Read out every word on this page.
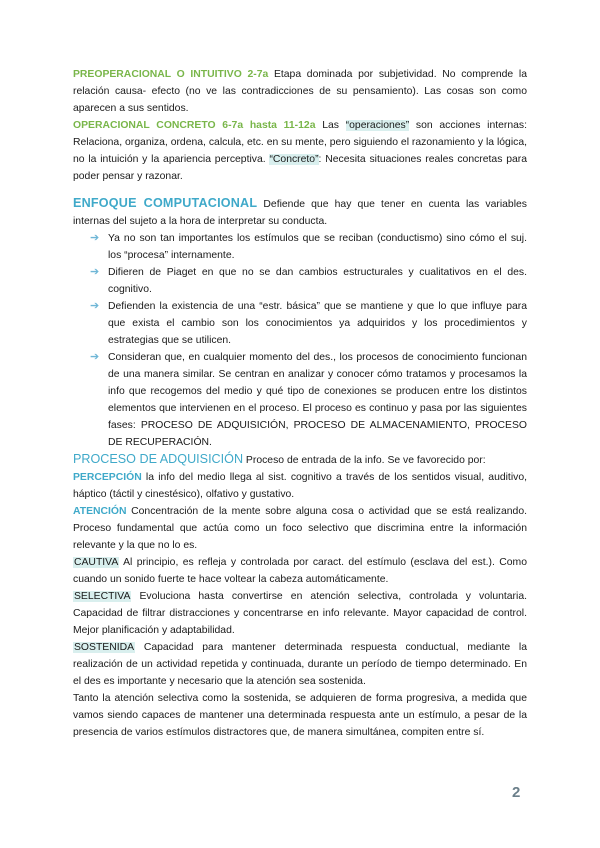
PREOPERACIONAL O INTUITIVO 2-7a Etapa dominada por subjetividad. No comprende la relación causa- efecto (no ve las contradicciones de su pensamiento). Las cosas son como aparecen a sus sentidos.

OPERACIONAL CONCRETO 6-7a hasta 11-12a Las “operaciones” son acciones internas: Relaciona, organiza, ordena, calcula, etc. en su mente, pero siguiendo el razonamiento y la lógica, no la intuición y la apariencia perceptiva. “Concreto”: Necesita situaciones reales concretas para poder pensar y razonar.

ENFOQUE COMPUTACIONAL Defiende que hay que tener en cuenta las variables internas del sujeto a la hora de interpretar su conducta.

➔ Ya no son tan importantes los estímulos que se reciban (conductismo) sino cómo el suj. los “procesa” internamente.
➔ Difieren de Piaget en que no se dan cambios estructurales y cualitativos en el des. cognitivo.
➔ Defienden la existencia de una “estr. básica” que se mantiene y que lo que influye para que exista el cambio son los conocimientos ya adquiridos y los procedimientos y estrategias que se utilicen.
➔ Consideran que, en cualquier momento del des., los procesos de conocimiento funcionan de una manera similar. Se centran en analizar y conocer cómo tratamos y procesamos la info que recogemos del medio y qué tipo de conexiones se producen entre los distintos elementos que intervienen en el proceso. El proceso es continuo y pasa por las siguientes fases: PROCESO DE ADQUISICIÓN, PROCESO DE ALMACENAMIENTO, PROCESO DE RECUPERACIÓN.

PROCESO DE ADQUISICIÓN Proceso de entrada de la info. Se ve favorecido por:

PERCEPCIÓN la info del medio llega al sist. cognitivo a través de los sentidos visual, auditivo, háptico (táctil y cinestésico), olfativo y gustativo.

ATENCIÓN Concentración de la mente sobre alguna cosa o actividad que se está realizando. Proceso fundamental que actúa como un foco selectivo que discrimina entre la información relevante y la que no lo es.

CAUTIVA Al principio, es refleja y controlada por caract. del estímulo (esclava del est.). Como cuando un sonido fuerte te hace voltear la cabeza automáticamente.

SELECTIVA Evoluciona hasta convertirse en atención selectiva, controlada y voluntaria. Capacidad de filtrar distracciones y concentrarse en info relevante. Mayor capacidad de control. Mejor planificación y adaptabilidad.

SOSTENIDA Capacidad para mantener determinada respuesta conductual, mediante la realización de un actividad repetida y continuada, durante un período de tiempo determinado. En el des es importante y necesario que la atención sea sostenida.

Tanto la atención selectiva como la sostenida, se adquieren de forma progresiva, a medida que vamos siendo capaces de mantener una determinada respuesta ante un estímulo, a pesar de la presencia de varios estímulos distractores que, de manera simultánea, compiten entre sí.

2
